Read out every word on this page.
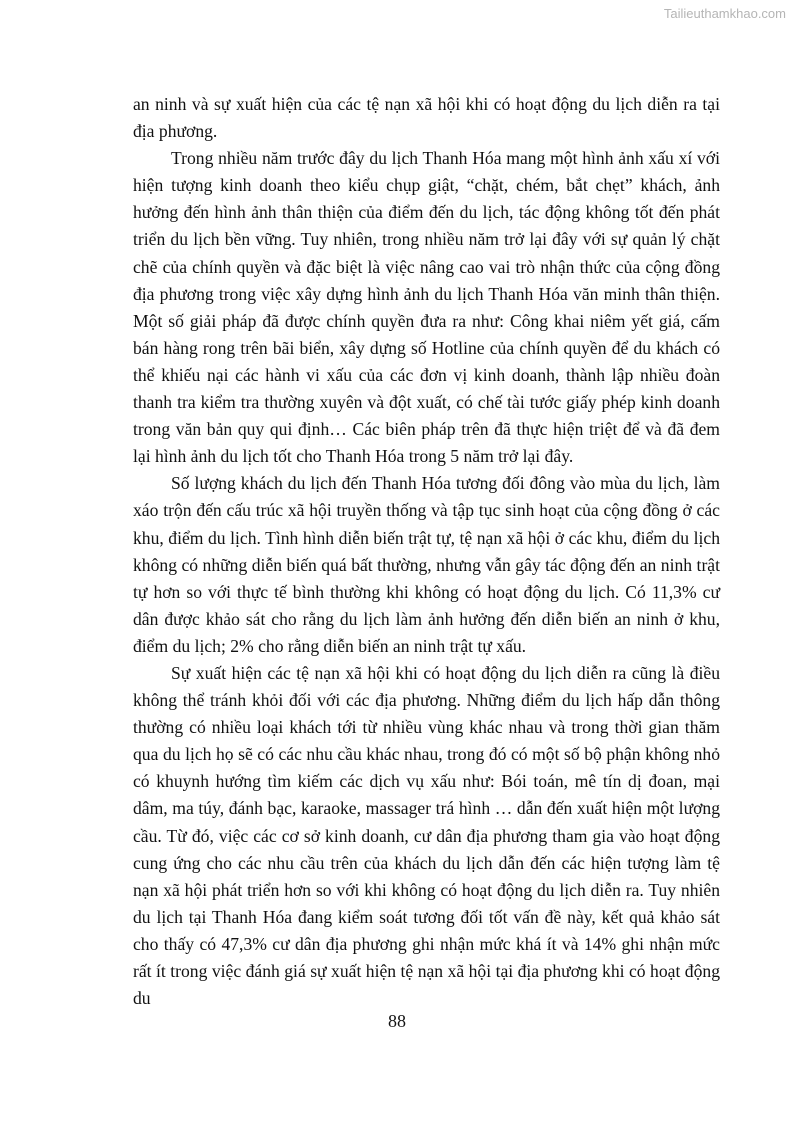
Tailieuthamkhao.com

an ninh và sự xuất hiện của các tệ nạn xã hội khi có hoạt động du lịch diễn ra tại địa phương.

Trong nhiều năm trước đây du lịch Thanh Hóa mang một hình ảnh xấu xí với hiện tượng kinh doanh theo kiểu chụp giật, “chặt, chém, bắt chẹt” khách, ảnh hưởng đến hình ảnh thân thiện của điểm đến du lịch, tác động không tốt đến phát triển du lịch bền vững. Tuy nhiên, trong nhiều năm trở lại đây với sự quản lý chặt chẽ của chính quyền và đặc biệt là việc nâng cao vai trò nhận thức của cộng đồng địa phương trong việc xây dựng hình ảnh du lịch Thanh Hóa văn minh thân thiện. Một số giải pháp đã được chính quyền đưa ra như: Công khai niêm yết giá, cấm bán hàng rong trên bãi biển, xây dựng số Hotline của chính quyền để du khách có thể khiếu nại các hành vi xấu của các đơn vị kinh doanh, thành lập nhiều đoàn thanh tra kiểm tra thường xuyên và đột xuất, có chế tài tước giấy phép kinh doanh trong văn bản quy qui định… Các biên pháp trên đã thực hiện triệt để và đã đem lại hình ảnh du lịch tốt cho Thanh Hóa trong 5 năm trở lại đây.

Số lượng khách du lịch đến Thanh Hóa tương đối đông vào mùa du lịch, làm xáo trộn đến cấu trúc xã hội truyền thống và tập tục sinh hoạt của cộng đồng ở các khu, điểm du lịch. Tình hình diễn biến trật tự, tệ nạn xã hội ở các khu, điểm du lịch không có những diễn biến quá bất thường, nhưng vẫn gây tác động đến an ninh trật tự hơn so với thực tế bình thường khi không có hoạt động du lịch. Có 11,3% cư dân được khảo sát cho rằng du lịch làm ảnh hưởng đến diễn biến an ninh ở khu, điểm du lịch; 2% cho rằng diễn biến an ninh trật tự xấu.

Sự xuất hiện các tệ nạn xã hội khi có hoạt động du lịch diễn ra cũng là điều không thể tránh khỏi đối với các địa phương. Những điểm du lịch hấp dẫn thông thường có nhiều loại khách tới từ nhiều vùng khác nhau và trong thời gian thăm qua du lịch họ sẽ có các nhu cầu khác nhau, trong đó có một số bộ phận không nhỏ có khuynh hướng tìm kiếm các dịch vụ xấu như: Bói toán, mê tín dị đoan, mại dâm, ma túy, đánh bạc, karaoke, massager trá hình … dẫn đến xuất hiện một lượng cầu. Từ đó, việc các cơ sở kinh doanh, cư dân địa phương tham gia vào hoạt động cung ứng cho các nhu cầu trên của khách du lịch dẫn đến các hiện tượng làm tệ nạn xã hội phát triển hơn so với khi không có hoạt động du lịch diễn ra. Tuy nhiên du lịch tại Thanh Hóa đang kiểm soát tương đối tốt vấn đề này, kết quả khảo sát cho thấy có 47,3% cư dân địa phương ghi nhận mức khá ít và 14% ghi nhận mức rất ít trong việc đánh giá sự xuất hiện tệ nạn xã hội tại địa phương khi có hoạt động du

88
